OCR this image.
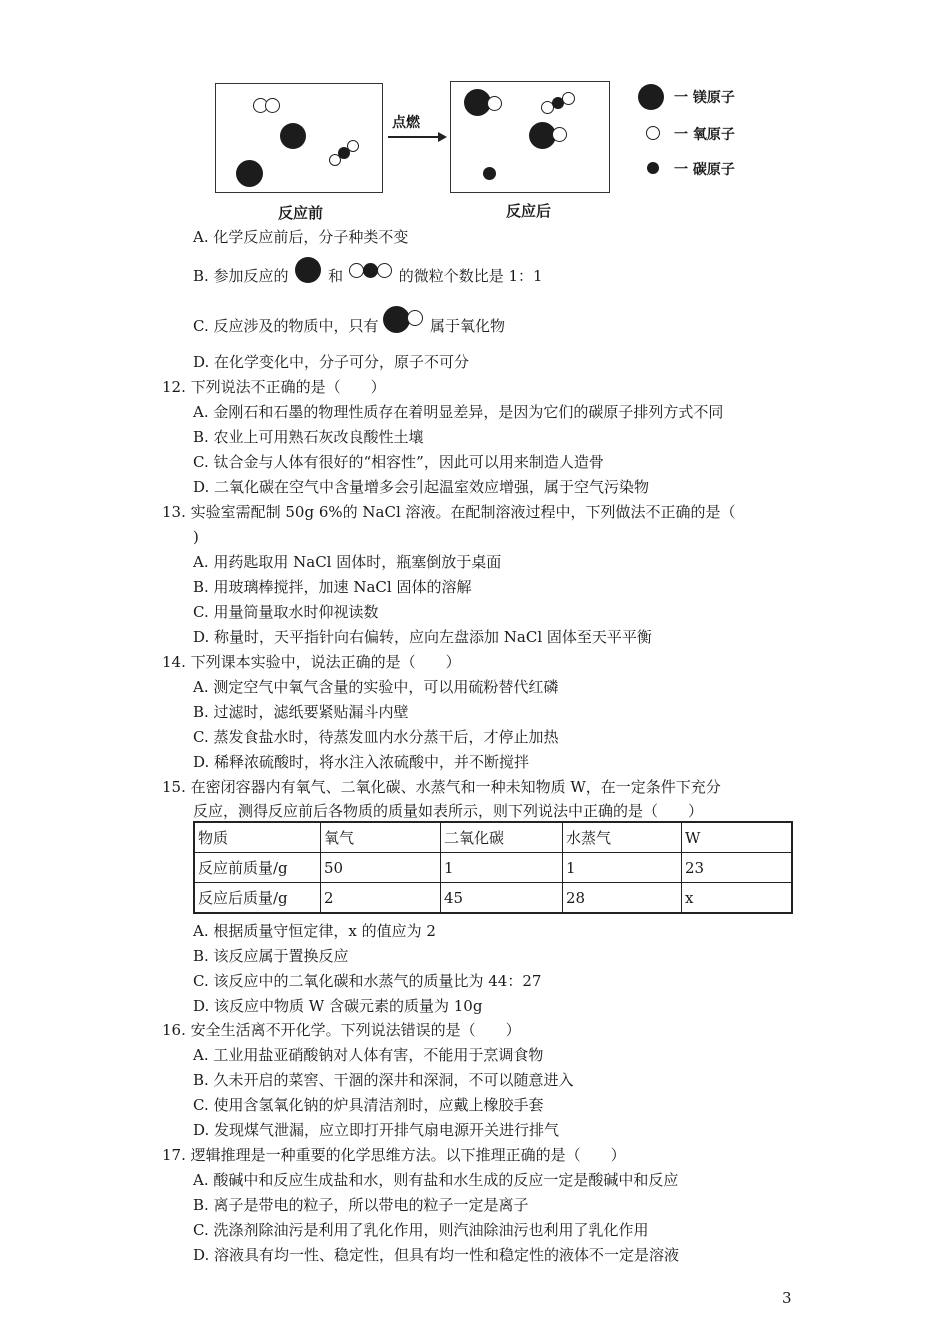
点燃
反应前	反应后
一 镁原子
一 氧原子
一 碳原子
A. 化学反应前后，分子种类不变
B. 参加反应的	和	的微粒个数比是 1：1
C. 反应涉及的物质中，只有	属于氧化物
D. 在化学变化中，分子可分，原子不可分
12. 下列说法不正确的是（　　）
A. 金刚石和石墨的物理性质存在着明显差异，是因为它们的碳原子排列方式不同
B. 农业上可用熟石灰改良酸性土壤
C. 钛合金与人体有很好的“相容性”，因此可以用来制造人造骨
D. 二氧化碳在空气中含量增多会引起温室效应增强，属于空气污染物
13. 实验室需配制 50g 6%的 NaCl 溶液。在配制溶液过程中，下列做法不正确的是（
)
A. 用药匙取用 NaCl 固体时，瓶塞倒放于桌面
B. 用玻璃棒搅拌，加速 NaCl 固体的溶解
C. 用量筒量取水时仰视读数
D. 称量时，天平指针向右偏转，应向左盘添加 NaCl 固体至天平平衡
14. 下列课本实验中，说法正确的是（　　）
A. 测定空气中氧气含量的实验中，可以用硫粉替代红磷
B. 过滤时，滤纸要紧贴漏斗内壁
C. 蒸发食盐水时，待蒸发皿内水分蒸干后，才停止加热
D. 稀释浓硫酸时，将水注入浓硫酸中，并不断搅拌
15. 在密闭容器内有氧气、二氧化碳、水蒸气和一种未知物质 W，在一定条件下充分
反应，测得反应前后各物质的质量如表所示，则下列说法中正确的是（　　）
物质	氧气	二氧化碳	水蒸气	W
反应前质量/g	50	1	1	23
反应后质量/g	2	45	28	x
A. 根据质量守恒定律，x 的值应为 2
B. 该反应属于置换反应
C. 该反应中的二氧化碳和水蒸气的质量比为 44：27
D. 该反应中物质 W 含碳元素的质量为 10g
16. 安全生活离不开化学。下列说法错误的是（　　）
A. 工业用盐亚硝酸钠对人体有害，不能用于烹调食物
B. 久未开启的菜窖、干涸的深井和深洞，不可以随意进入
C. 使用含氢氧化钠的炉具清洁剂时，应戴上橡胶手套
D. 发现煤气泄漏，应立即打开排气扇电源开关进行排气
17. 逻辑推理是一种重要的化学思维方法。以下推理正确的是（　　）
A. 酸碱中和反应生成盐和水，则有盐和水生成的反应一定是酸碱中和反应
B. 离子是带电的粒子，所以带电的粒子一定是离子
C. 洗涤剂除油污是利用了乳化作用，则汽油除油污也利用了乳化作用
D. 溶液具有均一性、稳定性，但具有均一性和稳定性的液体不一定是溶液
3
